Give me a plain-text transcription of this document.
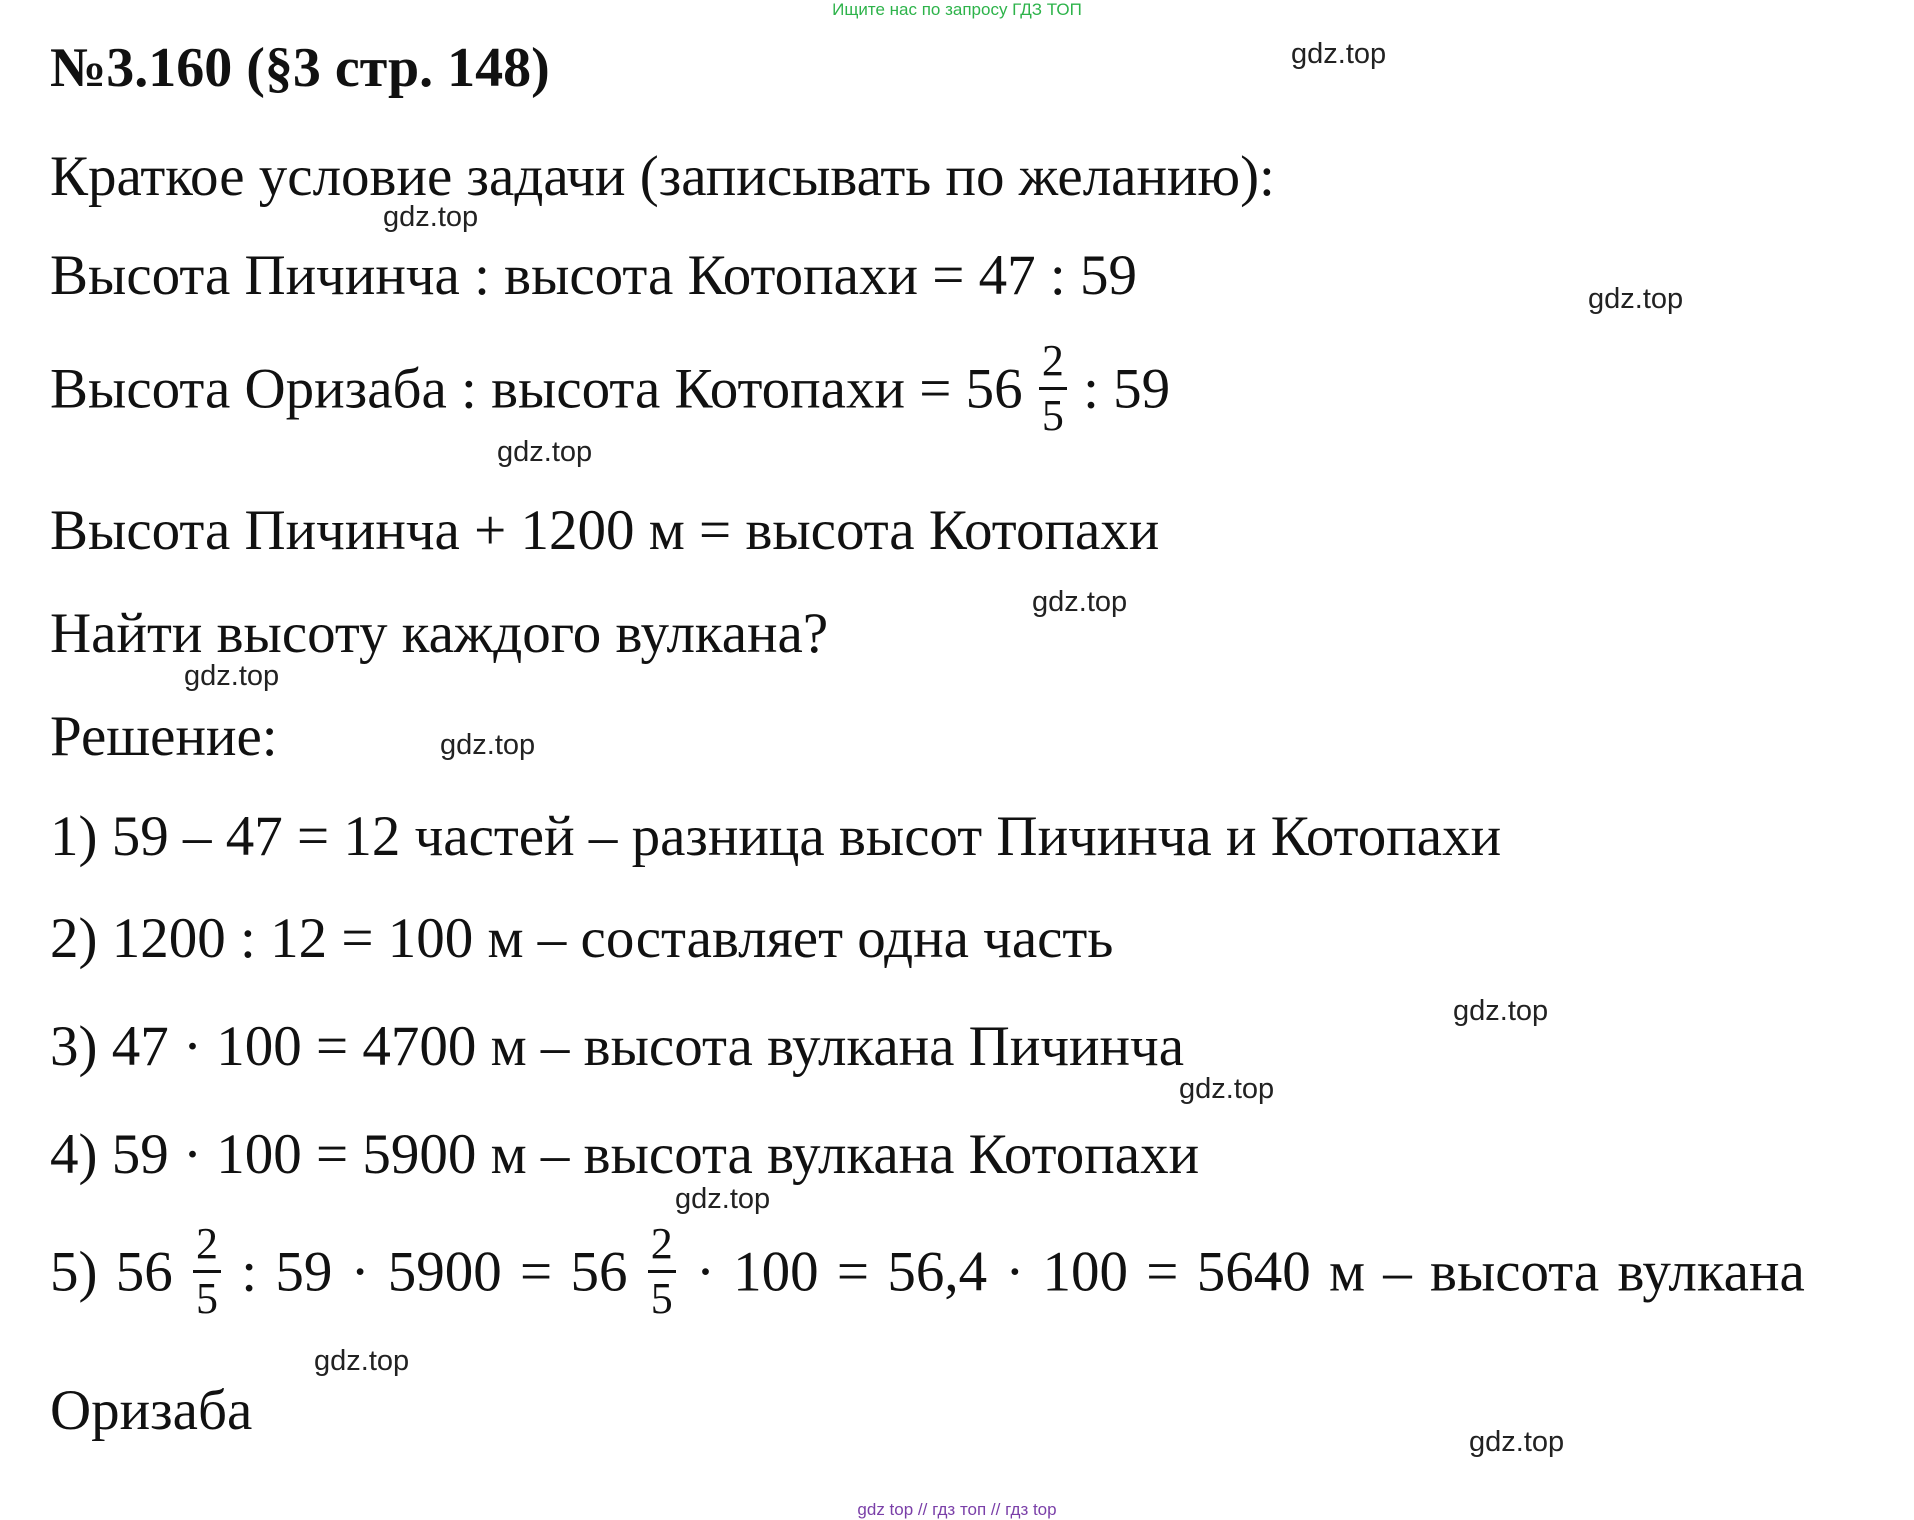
Ищите нас по запросу ГДЗ ТОП
№3.160 (§3 стр. 148)
Краткое условие задачи (записывать по желанию):
Высота Пичинча : высота Котопахи = 47 : 59
Высота Оризаба : высота Котопахи = $56 \frac{2}{5}$ : 59
Высота Пичинча + 1200 м = высота Котопахи
Найти высоту каждого вулкана?
Решение:
1) 59 – 47 = 12 частей – разница высот Пичинча и Котопахи
2) 1200 : 12 = 100 м – составляет одна часть
3) 47 · 100 = 4700 м – высота вулкана Пичинча
4) 59 · 100 = 5900 м – высота вулкана Котопахи
5) $56 \frac{2}{5}$ : $59 \cdot 5900 = 56 \frac{2}{5} \cdot 100 = 56,4 \cdot 100 = 5640$ м – высота вулкана
Оризаба
gdz.top
gdz.top
gdz.top
gdz.top
gdz.top
gdz.top
gdz.top
gdz.top
gdz.top
gdz.top
gdz.top
gdz.top
gdz top // гдз топ // гдз top
